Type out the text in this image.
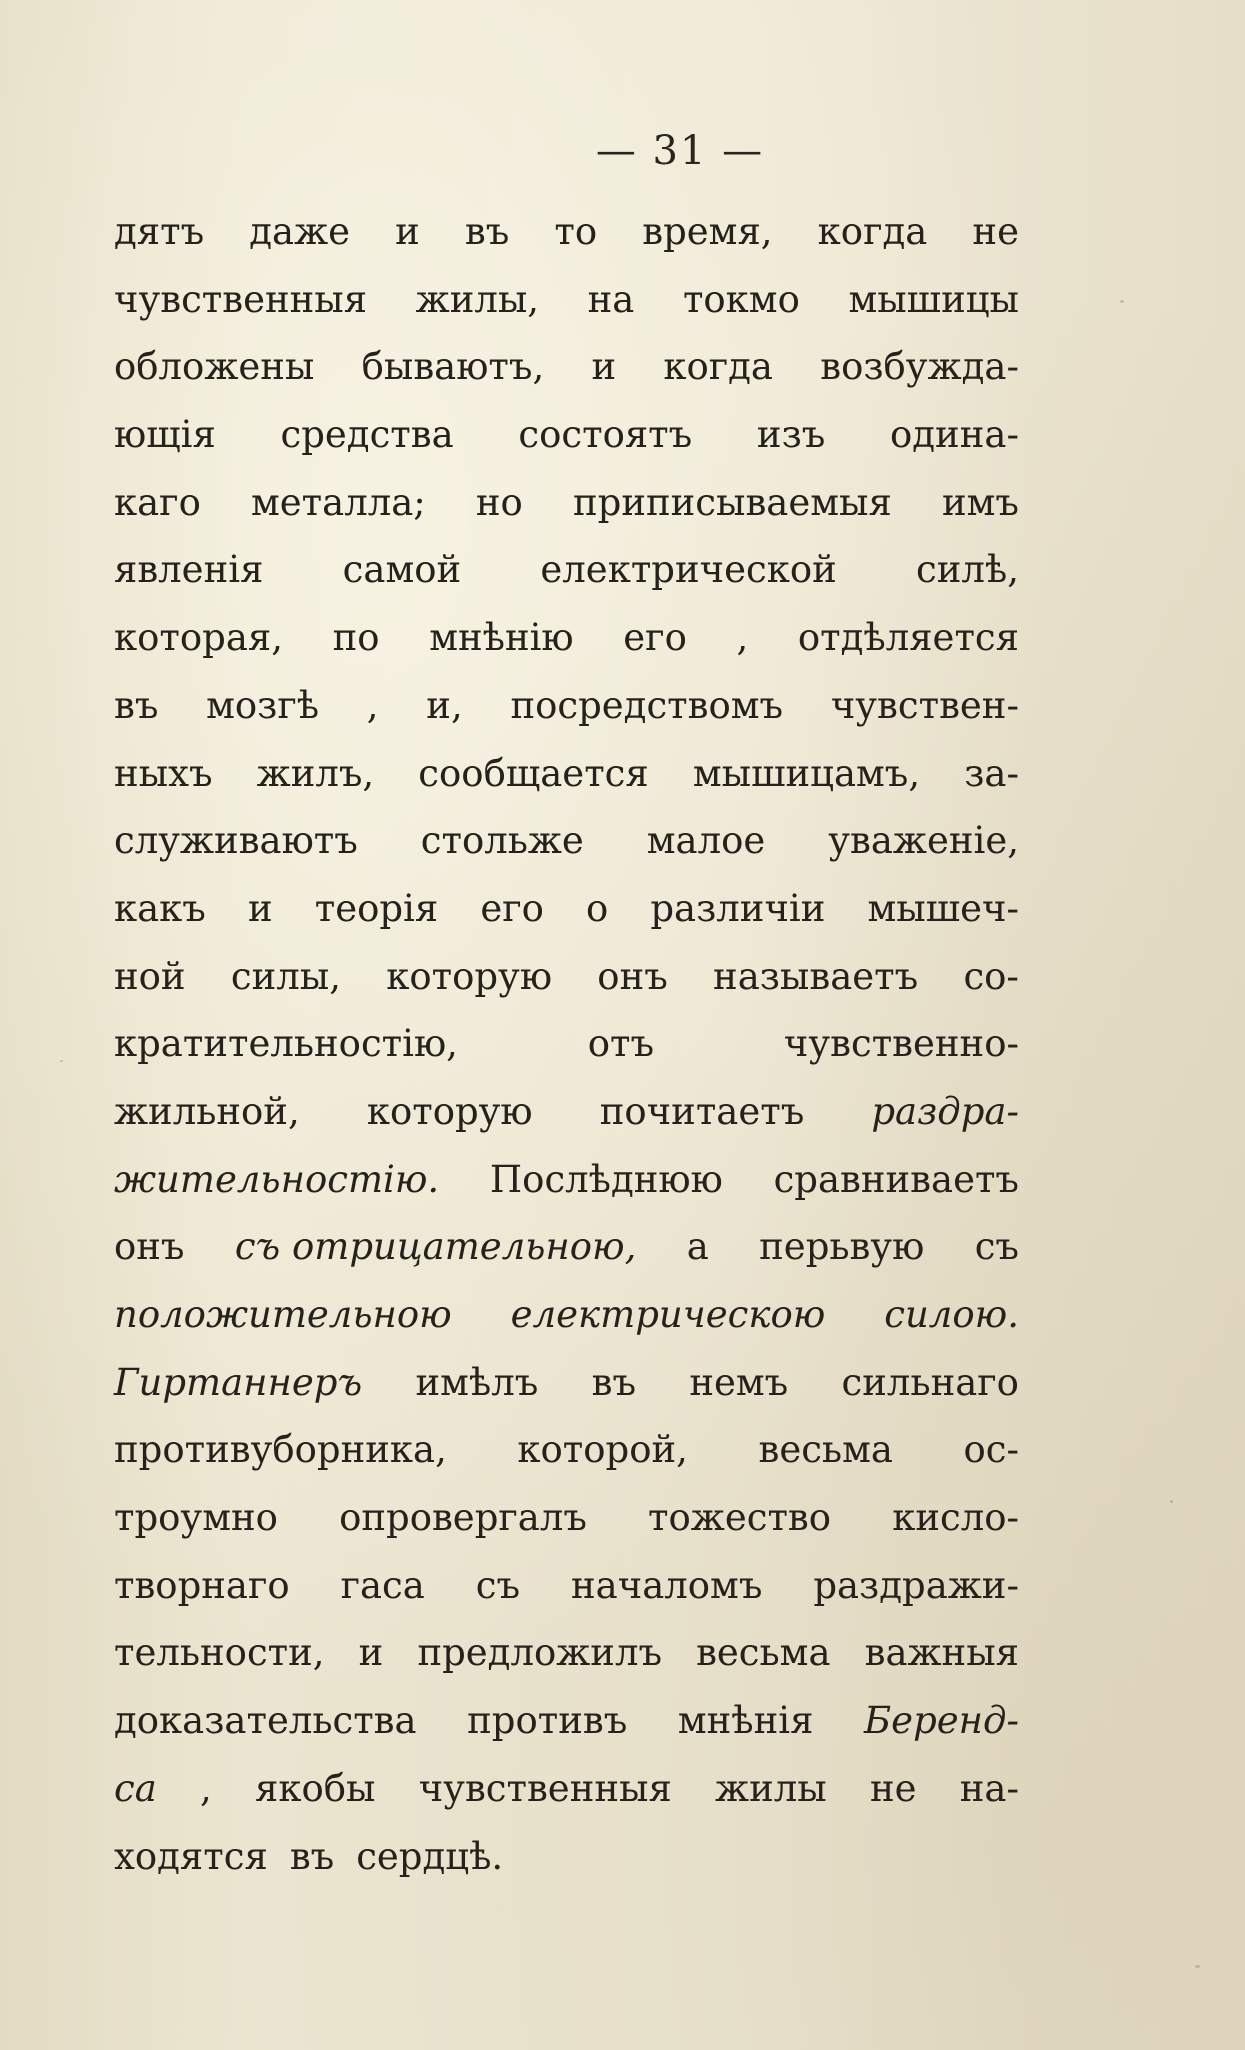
— 31 —
дятъ даже и въ то время, когда не
чувственныя жилы, на токмо мышицы
обложены бываютъ, и когда возбужда-
ющія средства состоятъ изъ одина-
каго металла; но приписываемыя имъ
явленія самой електрической силѣ,
которая, по мнѣнію его , отдѣляется
въ мозгѣ , и, посредствомъ чувствен-
ныхъ жилъ, сообщается мышицамъ, за-
служиваютъ стольже малое уваженіе,
какъ и теорія его о различіи мышеч-
ной силы, которую онъ называетъ со-
кратительностію,	отъ	чувственно-
жильной, которую почитаетъ раздра-
жительностію. Послѣднюю сравниваетъ
онъ съ отрицательною, а перьвую съ
положительною електрическою силою.
Гиртаннеръ имѣлъ въ немъ сильнаго
противуборника, которой, весьма ос-
троумно опровергалъ тожество кисло-
творнаго гаса съ началомъ раздражи-
тельности, и предложилъ весьма важныя
доказательства противъ мнѣнія Беренд-
са , якобы чувственныя жилы не на-
ходятся въ сердцѣ.
